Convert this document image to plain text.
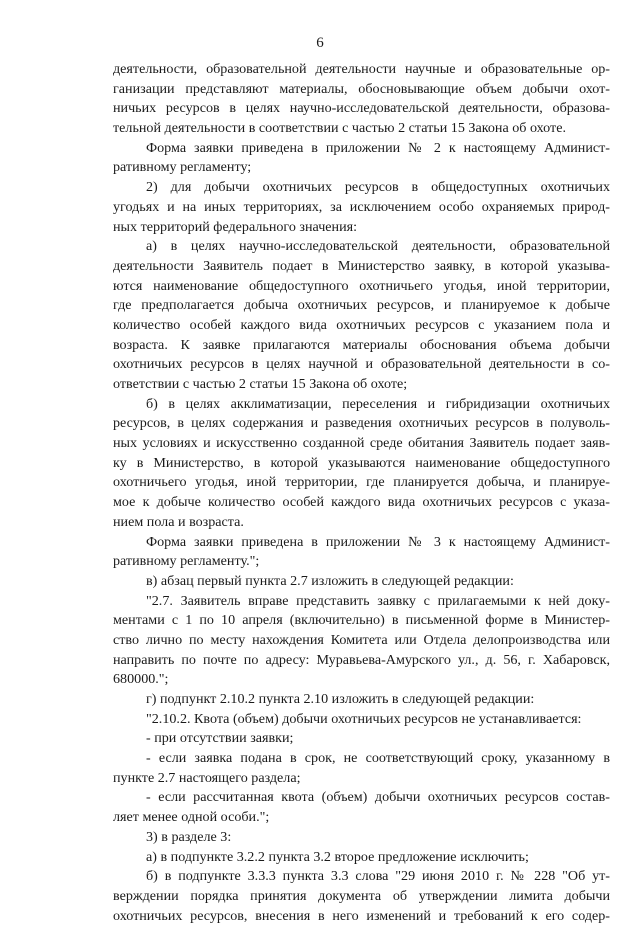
6
деятельности, образовательной деятельности научные и образовательные ор-
ганизации представляют материалы, обосновывающие объем добычи охот-
ничьих ресурсов в целях научно-исследовательской деятельности, образова-
тельной деятельности в соответствии с частью 2 статьи 15 Закона об охоте.
Форма заявки приведена в приложении № 2 к настоящему Админист-
ративному регламенту;
2) для добычи охотничьих ресурсов в общедоступных охотничьих
угодьях и на иных территориях, за исключением особо охраняемых природ-
ных территорий федерального значения:
а) в целях научно-исследовательской деятельности, образовательной
деятельности Заявитель подает в Министерство заявку, в которой указыва-
ются наименование общедоступного охотничьего угодья, иной территории,
где предполагается добыча охотничьих ресурсов, и планируемое к добыче
количество особей каждого вида охотничьих ресурсов с указанием пола и
возраста. К заявке прилагаются материалы обоснования объема добычи
охотничьих ресурсов в целях научной и образовательной деятельности в со-
ответствии с частью 2 статьи 15 Закона об охоте;
б) в целях акклиматизации, переселения и гибридизации охотничьих
ресурсов, в целях содержания и разведения охотничьих ресурсов в полуволь-
ных условиях и искусственно созданной среде обитания Заявитель подает заяв-
ку в Министерство, в которой указываются наименование общедоступного
охотничьего угодья, иной территории, где планируется добыча, и планируе-
мое к добыче количество особей каждого вида охотничьих ресурсов с указа-
нием пола и возраста.
Форма заявки приведена в приложении № 3 к настоящему Админист-
ративному регламенту.";
в) абзац первый пункта 2.7 изложить в следующей редакции:
"2.7. Заявитель вправе представить заявку с прилагаемыми к ней доку-
ментами с 1 по 10 апреля (включительно) в письменной форме в Министер-
ство лично по месту нахождения Комитета или Отдела делопроизводства или
направить по почте по адресу: Муравьева-Амурского ул., д. 56, г. Хабаровск,
680000.";
г) подпункт 2.10.2 пункта 2.10 изложить в следующей редакции:
"2.10.2. Квота (объем) добычи охотничьих ресурсов не устанавливается:
- при отсутствии заявки;
- если заявка подана в срок, не соответствующий сроку, указанному в
пункте 2.7 настоящего раздела;
- если рассчитанная квота (объем) добычи охотничьих ресурсов состав-
ляет менее одной особи.";
3) в разделе 3:
а) в подпункте 3.2.2 пункта 3.2 второе предложение исключить;
б) в подпункте 3.3.3 пункта 3.3 слова "29 июня 2010 г. № 228 "Об ут-
верждении порядка принятия документа об утверждении лимита добычи
охотничьих ресурсов, внесения в него изменений и требований к его содер-
